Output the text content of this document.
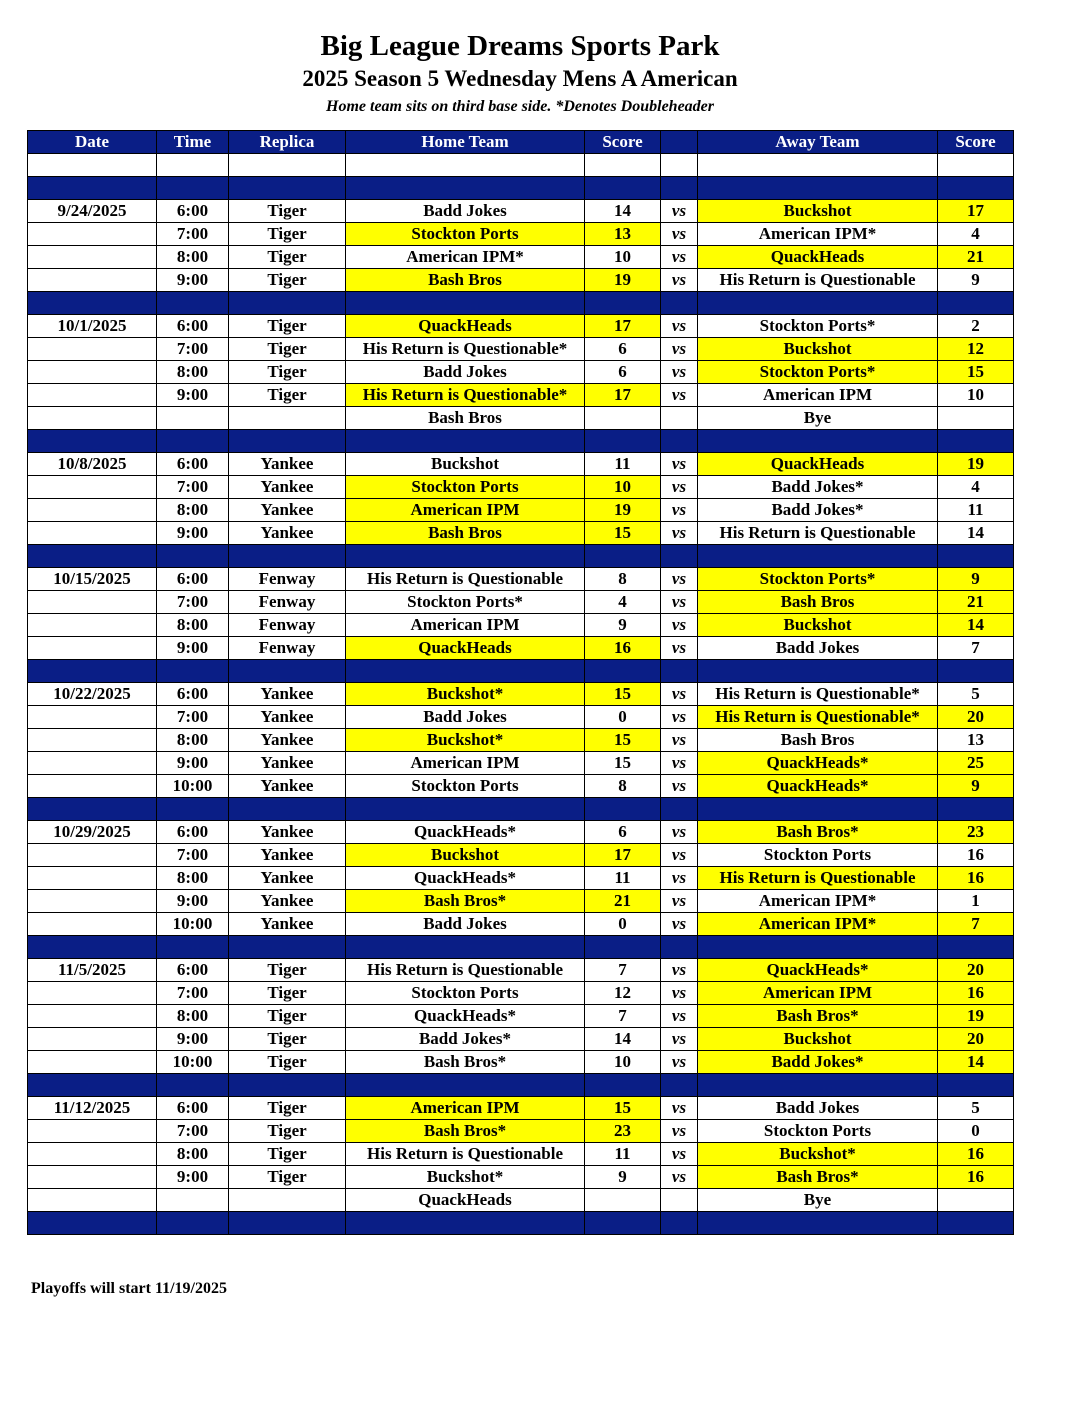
Big League Dreams Sports Park
2025 Season 5 Wednesday Mens A American
Home team sits on third base side. *Denotes Doubleheader
Date	Time	Replica	Home Team	Score		Away Team	Score

9/24/2025	6:00	Tiger	Badd Jokes	14	vs	Buckshot	17
	7:00	Tiger	Stockton Ports	13	vs	American IPM*	4
	8:00	Tiger	American IPM*	10	vs	QuackHeads	21
	9:00	Tiger	Bash Bros	19	vs	His Return is Questionable	9

10/1/2025	6:00	Tiger	QuackHeads	17	vs	Stockton Ports*	2
	7:00	Tiger	His Return is Questionable*	6	vs	Buckshot	12
	8:00	Tiger	Badd Jokes	6	vs	Stockton Ports*	15
	9:00	Tiger	His Return is Questionable*	17	vs	American IPM	10
			Bash Bros			Bye	

10/8/2025	6:00	Yankee	Buckshot	11	vs	QuackHeads	19
	7:00	Yankee	Stockton Ports	10	vs	Badd Jokes*	4
	8:00	Yankee	American IPM	19	vs	Badd Jokes*	11
	9:00	Yankee	Bash Bros	15	vs	His Return is Questionable	14

10/15/2025	6:00	Fenway	His Return is Questionable	8	vs	Stockton Ports*	9
	7:00	Fenway	Stockton Ports*	4	vs	Bash Bros	21
	8:00	Fenway	American IPM	9	vs	Buckshot	14
	9:00	Fenway	QuackHeads	16	vs	Badd Jokes	7

10/22/2025	6:00	Yankee	Buckshot*	15	vs	His Return is Questionable*	5
	7:00	Yankee	Badd Jokes	0	vs	His Return is Questionable*	20
	8:00	Yankee	Buckshot*	15	vs	Bash Bros	13
	9:00	Yankee	American IPM	15	vs	QuackHeads*	25
	10:00	Yankee	Stockton Ports	8	vs	QuackHeads*	9

10/29/2025	6:00	Yankee	QuackHeads*	6	vs	Bash Bros*	23
	7:00	Yankee	Buckshot	17	vs	Stockton Ports	16
	8:00	Yankee	QuackHeads*	11	vs	His Return is Questionable	16
	9:00	Yankee	Bash Bros*	21	vs	American IPM*	1
	10:00	Yankee	Badd Jokes	0	vs	American IPM*	7

11/5/2025	6:00	Tiger	His Return is Questionable	7	vs	QuackHeads*	20
	7:00	Tiger	Stockton Ports	12	vs	American IPM	16
	8:00	Tiger	QuackHeads*	7	vs	Bash Bros*	19
	9:00	Tiger	Badd Jokes*	14	vs	Buckshot	20
	10:00	Tiger	Bash Bros*	10	vs	Badd Jokes*	14

11/12/2025	6:00	Tiger	American IPM	15	vs	Badd Jokes	5
	7:00	Tiger	Bash Bros*	23	vs	Stockton Ports	0
	8:00	Tiger	His Return is Questionable	11	vs	Buckshot*	16
	9:00	Tiger	Buckshot*	9	vs	Bash Bros*	16
			QuackHeads			Bye	

Playoffs will start 11/19/2025
